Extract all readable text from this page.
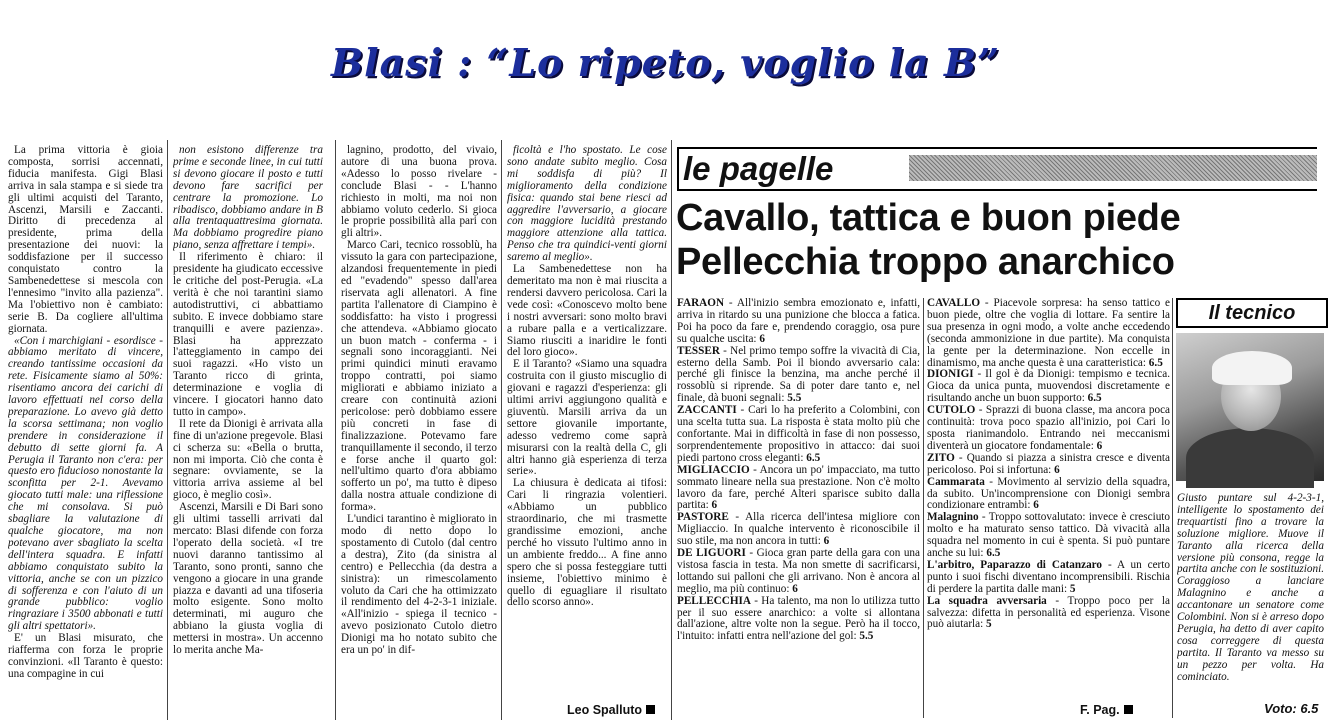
Blasi : “Lo ripeto, voglio la B”

La prima vittoria è gioia composta, sorrisi accennati, fiducia manifesta. Gigi Blasi arriva in sala stampa e si siede tra gli ultimi acquisti del Taranto, Ascenzi, Marsili e Zaccanti. Diritto di precedenza al presidente, prima della presentazione dei nuovi: la soddisfazione per il successo conquistato contro la Sambenedettese si mescola con l'ennesimo "invito alla pazienza". Ma l'obiettivo non è cambiato: serie B. Da cogliere all'ultima giornata.

«Con i marchigiani - esordisce - abbiamo meritato di vincere, creando tantissime occasioni da rete. Fisicamente siamo al 50%: risentiamo ancora dei carichi di lavoro effettuati nel corso della preparazione. Lo avevo già detto la scorsa settimana; non voglio prendere in considerazione il debutto di sette giorni fa. A Perugia il Taranto non c'era: per questo ero fiducioso nonostante la sconfitta per 2-1. Avevamo giocato tutti male: una riflessione che mi consolava. Si può sbagliare la valutazione di qualche giocatore, ma non potevano aver sbagliato la scelta dell'intera squadra. E infatti abbiamo conquistato subito la vittoria, anche se con un pizzico di sofferenza e con l'aiuto di un grande pubblico: voglio ringraziare i 3500 abbonati e tutti gli altri spettatori».

E' un Blasi misurato, che riafferma con forza le proprie convinzioni. «Il Taranto è questo: una compagine in cui

non esistono differenze tra prime e seconde linee, in cui tutti si devono giocare il posto e tutti devono fare sacrifici per centrare la promozione. Lo ribadisco, dobbiamo andare in B alla trentaquattresima giornata. Ma dobbiamo progredire piano piano, senza affrettare i tempi».

Il riferimento è chiaro: il presidente ha giudicato eccessive le critiche del post-Perugia. «La verità è che noi tarantini siamo autodistruttivi, ci abbattiamo subito. E invece dobbiamo stare tranquilli e avere pazienza». Blasi ha apprezzato l'atteggiamento in campo dei suoi ragazzi. «Ho visto un Taranto ricco di grinta, determinazione e voglia di vincere. I giocatori hanno dato tutto in campo».

Il rete da Dionigi è arrivata alla fine di un'azione pregevole. Blasi ci scherza su: «Bella o brutta, non mi importa. Ciò che conta è segnare: ovviamente, se la vittoria arriva assieme al bel gioco, è meglio così».

Ascenzi, Marsili e Di Bari sono gli ultimi tasselli arrivati dal mercato: Blasi difende con forza l'operato della società. «I tre nuovi daranno tantissimo al Taranto, sono pronti, sanno che vengono a giocare in una grande piazza e davanti ad una tifoseria molto esigente. Sono molto determinati, mi auguro che abbiano la giusta voglia di mettersi in mostra». Un accenno lo merita anche Ma-

lagnino, prodotto, del vivaio, autore di una buona prova. «Adesso lo posso rivelare - conclude Blasi - - L'hanno richiesto in molti, ma noi non abbiamo voluto cederlo. Si gioca le proprie possibilità alla pari con gli altri».

Marco Cari, tecnico rossoblù, ha vissuto la gara con partecipazione, alzandosi frequentemente in piedi ed "evadendo" spesso dall'area riservata agli allenatori. A fine partita l'allenatore di Ciampino è soddisfatto: ha visto i progressi che attendeva. «Abbiamo giocato un buon match - conferma - i segnali sono incoraggianti. Nei primi quindici minuti eravamo troppo contratti, poi siamo migliorati e abbiamo iniziato a creare con continuità azioni pericolose: però dobbiamo essere più concreti in fase di finalizzazione. Potevamo fare tranquillamente il secondo, il terzo e forse anche il quarto gol: nell'ultimo quarto d'ora abbiamo sofferto un po', ma tutto è dipeso dalla nostra attuale condizione di forma».

L'undici tarantino è migliorato in modo di netto dopo lo spostamento di Cutolo (dal centro a destra), Zito (da sinistra al centro) e Pellecchia (da destra a sinistra): un rimescolamento voluto da Cari che ha ottimizzato il rendimento del 4-2-3-1 iniziale. «All'inizio - spiega il tecnico - avevo posizionato Cutolo dietro Dionigi ma ho notato subito che era un po' in dif-

ficoltà e l'ho spostato. Le cose sono andate subito meglio. Cosa mi soddisfa di più? Il miglioramento della condizione fisica: quando stai bene riesci ad aggredire l'avversario, a giocare con maggiore lucidità prestando maggiore attenzione alla tattica. Penso che tra quindici-venti giorni saremo al meglio».

La Sambenedettese non ha demeritato ma non è mai riuscita a rendersi davvero pericolosa. Cari la vede così: «Conoscevo molto bene i nostri avversari: sono molto bravi a rubare palla e a verticalizzare. Siamo riusciti a inaridire le fonti del loro gioco».

E il Taranto? «Siamo una squadra costruita con il giusto miscuglio di giovani e ragazzi d'esperienza: gli ultimi arrivi aggiungono qualità e giuventù. Marsili arriva da un settore giovanile importante, adesso vedremo come saprà misurarsi con la realtà della C, gli altri hanno già esperienza di terza serie».

La chiusura è dedicata ai tifosi: Cari li ringrazia volentieri. «Abbiamo un pubblico straordinario, che mi trasmette grandissime emozioni, anche perché ho vissuto l'ultimo anno in un ambiente freddo... A fine anno spero che si possa festeggiare tutti insieme, l'obiettivo minimo è quello di eguagliare il risultato dello scorso anno».

Leo Spalluto
le pagelle
Cavallo, tattica e buon piede
Pellecchia troppo anarchico

FARAON - All'inizio sembra emozionato e, infatti, arriva in ritardo su una punizione che blocca a fatica. Poi ha poco da fare e, prendendo coraggio, osa pure su qualche uscita: 6

TESSER - Nel primo tempo soffre la vivacità di Cia, esterno della Samb. Poi il biondo avversario cala: perché gli finisce la benzina, ma anche perché il rossoblù si riprende. Sa di poter dare tanto e, nel finale, dà buoni segnali: 5.5

ZACCANTI - Cari lo ha preferito a Colombini, con una scelta tutta sua. La risposta è stata molto più che confortante. Mai in difficoltà in fase di non possesso, sorprendentemente propositivo in attacco: dai suoi piedi partono cross eleganti: 6.5

MIGLIACCIO - Ancora un po' impacciato, ma tutto sommato lineare nella sua prestazione. Non c'è molto lavoro da fare, perché Alteri sparisce subito dalla partita: 6

PASTORE - Alla ricerca dell'intesa migliore con Migliaccio. In qualche intervento è riconoscibile il suo stile, ma non ancora in tutti: 6

DE LIGUORI - Gioca gran parte della gara con una vistosa fascia in testa. Ma non smette di sacrificarsi, lottando sui palloni che gli arrivano. Non è ancora al meglio, ma più continuo: 6

PELLECCHIA - Ha talento, ma non lo utilizza tutto per il suo essere anarchico: a volte si allontana dall'azione, altre volte non la segue. Però ha il tocco, l'intuito: infatti entra nell'azione del gol: 5.5

CAVALLO - Piacevole sorpresa: ha senso tattico e buon piede, oltre che voglia di lottare. Fa sentire la sua presenza in ogni modo, a volte anche eccedendo (seconda ammonizione in due partite). Ma conquista la gente per la determinazione. Non eccelle in dinamismo, ma anche questa è una caratteristica: 6.5

DIONIGI - Il gol è da Dionigi: tempismo e tecnica. Gioca da unica punta, muovendosi discretamente e risultando anche un buon supporto: 6.5

CUTOLO - Sprazzi di buona classe, ma ancora poca continuità: trova poco spazio all'inizio, poi Cari lo sposta rianimandolo. Entrando nei meccanismi diventerà un giocatore fondamentale: 6

ZITO - Quando si piazza a sinistra cresce e diventa pericoloso. Poi si infortuna: 6

Cammarata - Movimento al servizio della squadra, da subito. Un'incomprensione con Dionigi sembra condizionare entrambi: 6

Malagnino - Troppo sottovalutato: invece è cresciuto molto e ha maturato senso tattico. Dà vivacità alla squadra nel momento in cui è spenta. Si può puntare anche su lui: 6.5

L'arbitro, Paparazzo di Catanzaro - A un certo punto i suoi fischi diventano incomprensibili. Rischia di perdere la partita dalle mani: 5

La squadra avversaria - Troppo poco per la salvezza: difetta in personalità ed esperienza. Visone può aiutarla: 5

F. Pag.
Il tecnico

Giusto puntare sul 4-2-3-1, intelligente lo spostamento dei trequartisti fino a trovare la soluzione migliore. Muove il Taranto alla ricerca della versione più consona, regge la partita anche con le sostituzioni. Coraggioso a lanciare Malagnino e anche a accantonare un senatore come Colombini. Non si è arreso dopo Perugia, ha detto di aver capito cosa correggere di questa partita. Il Taranto va messo su un pezzo per volta. Ha cominciato.

Voto: 6.5
